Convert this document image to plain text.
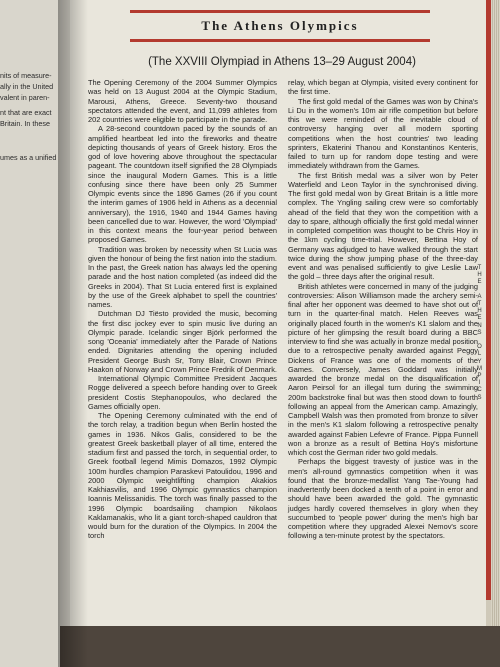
nits of measure-
ally in the United
valent in paren-
nt that are exact
Britain. In these
umes as a unified
The Athens Olympics
(The XXVIII Olympiad in Athens 13–29 August 2004)

The Opening Ceremony of the 2004 Summer Olympics was held on 13 August 2004 at the Olympic Stadium, Marousi, Athens, Greece. Seventy-two thousand spectators attended the event, and 11,099 athletes from 202 countries were eligible to participate in the parade.

A 28-second countdown paced by the sounds of an amplified heartbeat led into the fireworks and theatre depicting thousands of years of Greek history. Eros the god of love hovering above throughout the spectacular pageant. The countdown itself signified the 28 Olympiads since the inaugural Modern Games. This is a little confusing since there have been only 25 Summer Olympic events since the 1896 Games (26 if you count the interim games of 1906 held in Athens as a decennial anniversary), the 1916, 1940 and 1944 Games having been cancelled due to war. However, the word 'Olympiad' in this context means the four-year period between proposed Games.

Tradition was broken by necessity when St Lucia was given the honour of being the first nation into the stadium. In the past, the Greek nation has always led the opening parade and the host nation completed (as indeed did the Greeks in 2004). That St Lucia entered first is explained by the use of the Greek alphabet to spell the countries' names.

Dutchman DJ Tiësto provided the music, becoming the first disc jockey ever to spin music live during an Olympic parade. Icelandic singer Björk performed the song 'Oceania' immediately after the Parade of Nations ended. Dignitaries attending the opening included President George Bush Sr, Tony Blair, Crown Prince Haakon of Norway and Crown Prince Fredrik of Denmark.

International Olympic Committee President Jacques Rogge delivered a speech before handing over to Greek president Costis Stephanopoulos, who declared the Games officially open.

The Opening Ceremony culminated with the end of the torch relay, a tradition begun when Berlin hosted the games in 1936. Nikos Galis, considered to be the greatest Greek basketball player of all time, entered the stadium first and passed the torch, in sequential order, to Greek football legend Mimis Domazos, 1992 Olympic 100m hurdles champion Paraskevi Patoulidou, 1996 and 2000 Olympic weightlifting champion Akakios Kakhiasvilis, and 1996 Olympic gymnastics champion Ioannis Melissanidis. The torch was finally passed to the 1996 Olympic boardsailing champion Nikolaos Kaklamanakis, who lit a giant torch-shaped cauldron that would burn for the duration of the Olympics. In 2004 the torch

relay, which began at Olympia, visited every continent for the first time.

The first gold medal of the Games was won by China's Li Du in the women's 10m air rifle competition but before this we were reminded of the inevitable cloud of controversy hanging over all modern sporting competitions when the host countries' two leading sprinters, Ekaterini Thanou and Konstantinos Kenteris, failed to turn up for random dope testing and were immediately withdrawn from the Games.

The first British medal was a silver won by Peter Waterfield and Leon Taylor in the synchronised diving. The first gold medal won by Great Britain is a little more complex. The Yngling sailing crew were so comfortably ahead of the field that they won the competition with a day to spare, although officially the first gold medal winner in completed competition was thought to be Chris Hoy in the 1km cycling time-trial. However, Bettina Hoy of Germany was adjudged to have walked through the start twice during the show jumping phase of the three-day event and was penalised sufficiently to give Leslie Law the gold – three days after the original result.

British athletes were concerned in many of the judging controversies: Alison Williamson made the archery semi-final after her opponent was deemed to have shot out of turn in the quarter-final match. Helen Reeves was originally placed fourth in the women's K1 slalom and the picture of her glimpsing the result board during a BBC interview to find she was actually in bronze medal position due to a retrospective penalty awarded against Peggy Dickens of France was one of the moments of the Games. Conversely, James Goddard was initially awarded the bronze medal on the disqualification of Aaron Peirsol for an illegal turn during the swimming 200m backstroke final but was then stood down to fourth following an appeal from the American camp. Amazingly, Campbell Walsh was then promoted from bronze to silver in the men's K1 slalom following a retrospective penalty awarded against Fabien Lefevre of France. Pippa Funnell won a bronze as a result of Bettina Hoy's misfortune which cost the German rider two gold medals.

Perhaps the biggest travesty of justice was in the men's all-round gymnastics competition when it was found that the bronze-medallist Yang Tae-Young had inadvertently been docked a tenth of a point in error and should have been awarded the gold. The gymnastic judges hardly covered themselves in glory when they succumbed to 'people power' during the men's high bar competition where they upgraded Alexei Nemov's score following a ten-minute protest by the spectators.

T
H
E

A
T
H
E
N
S

O
L
Y
M
P
I
C
S
